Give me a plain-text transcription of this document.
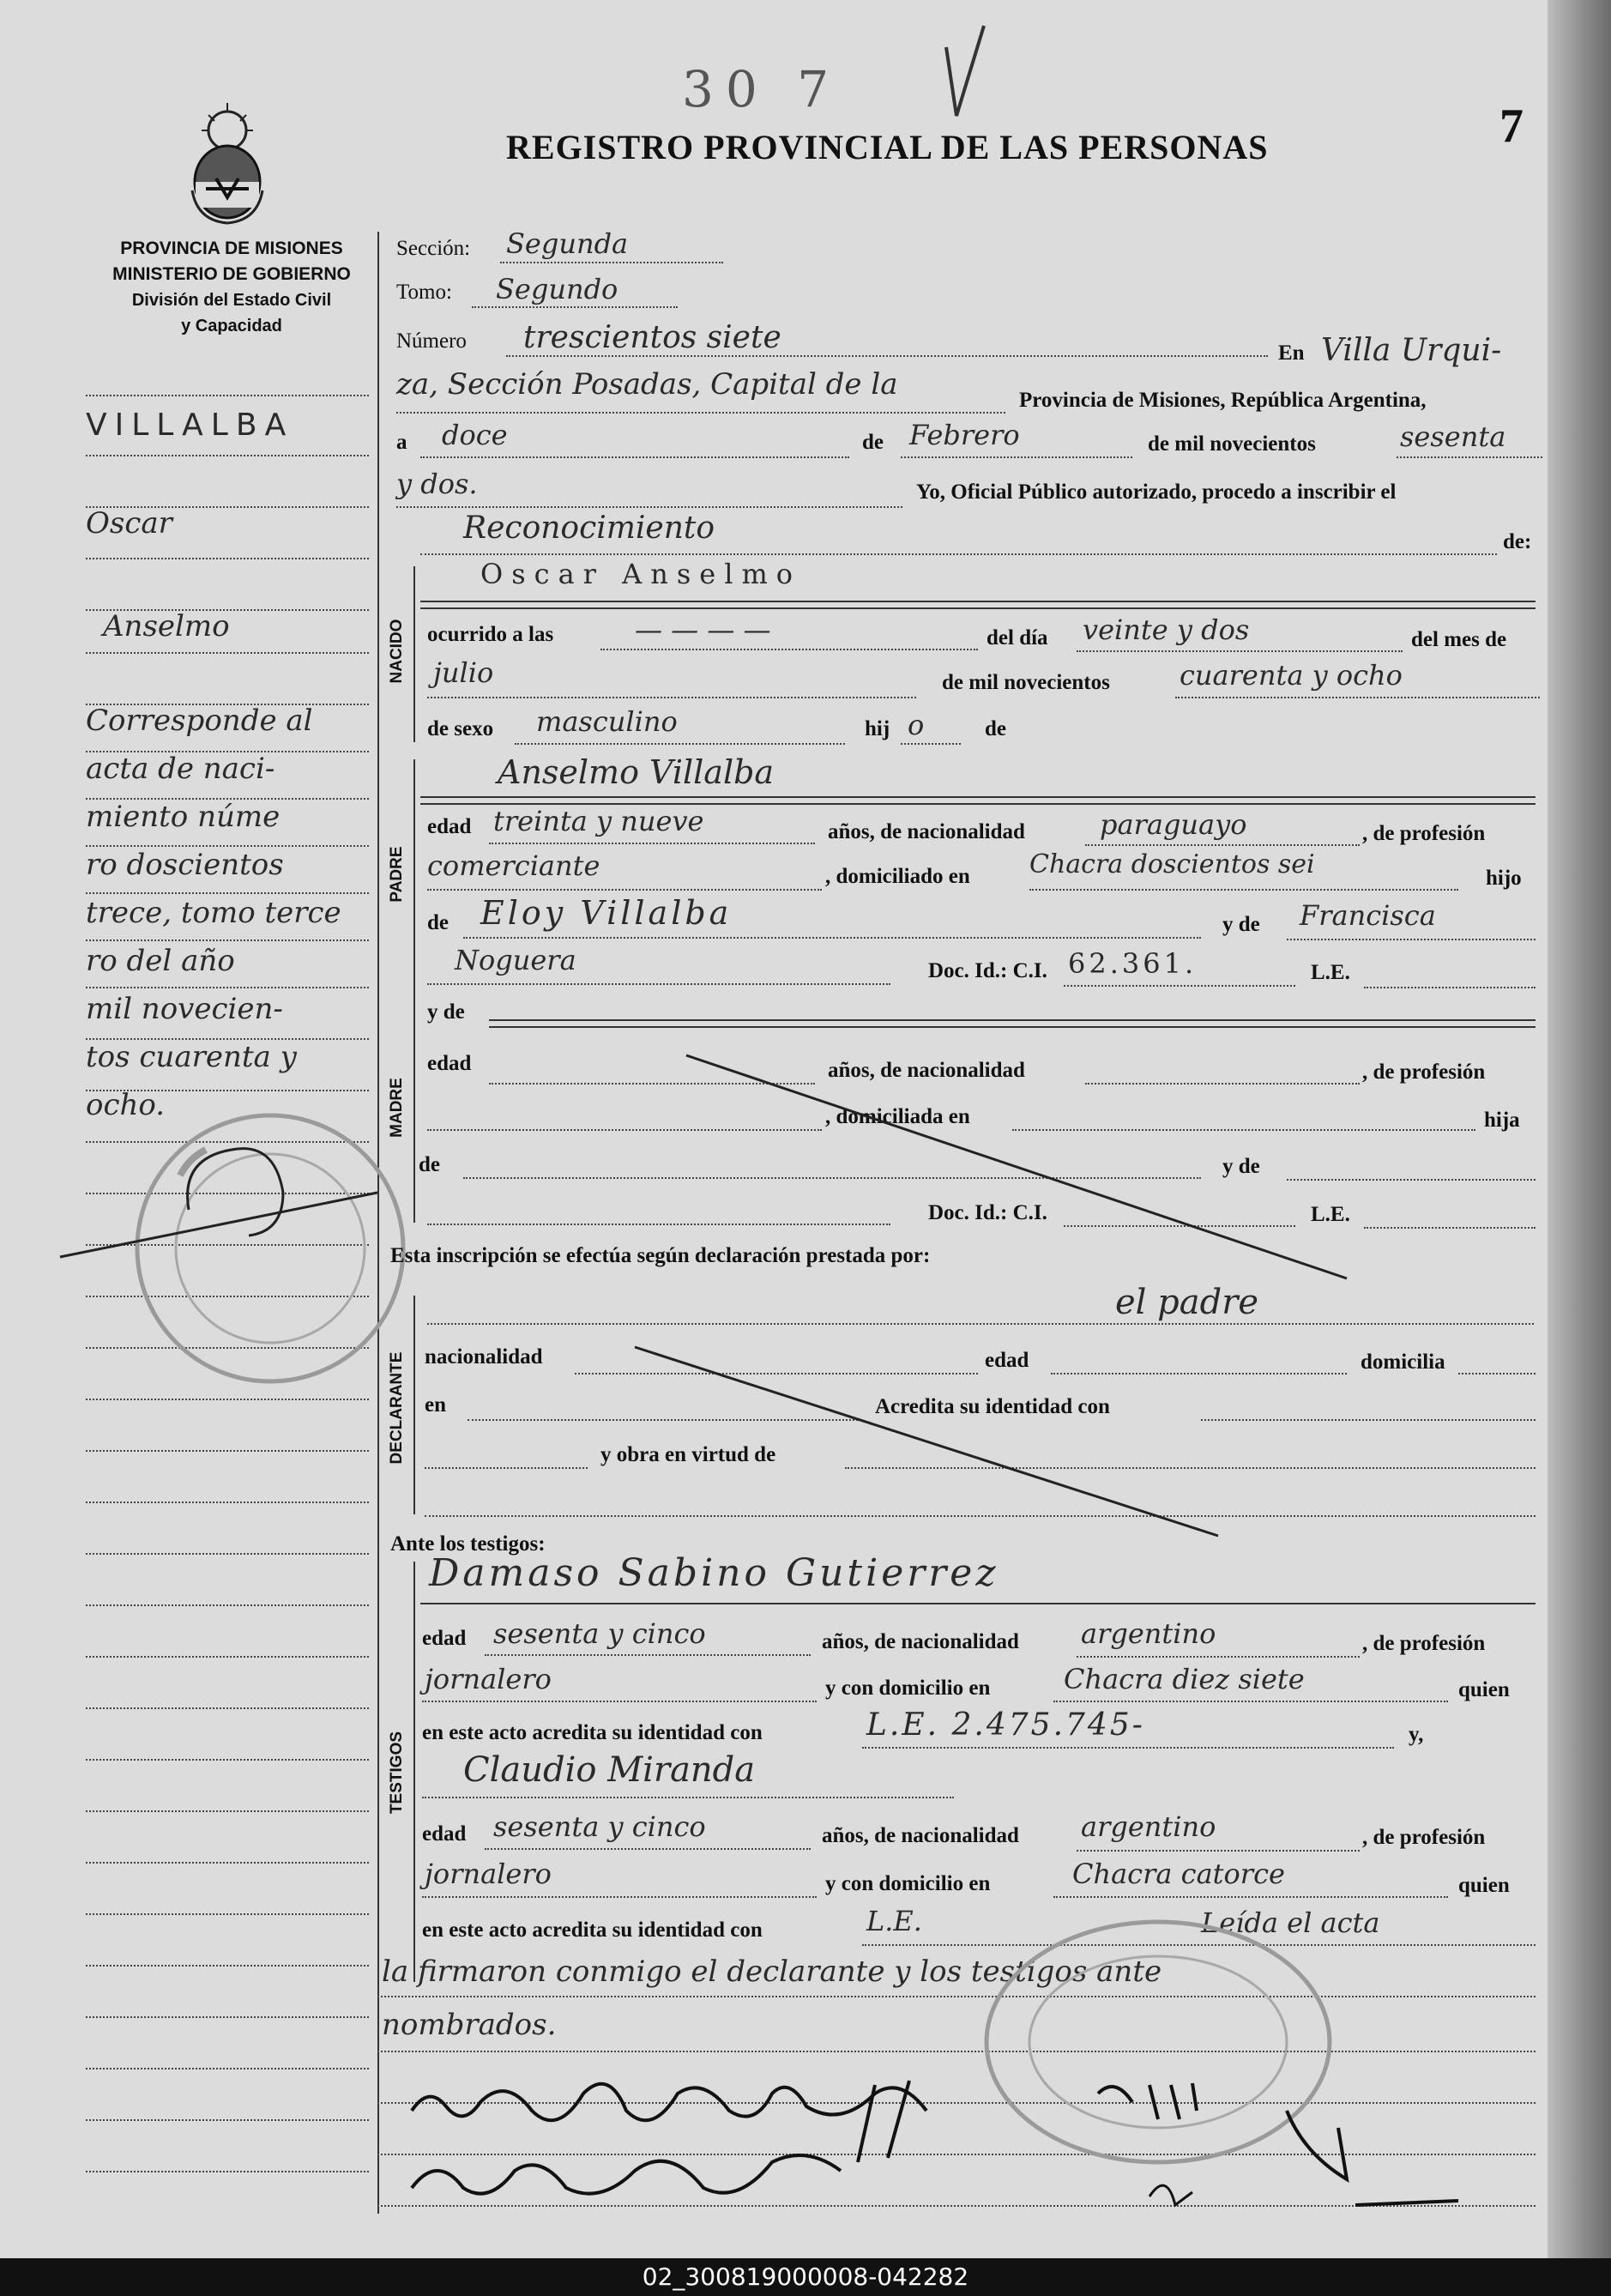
PROVINCIA DE MISIONES
MINISTERIO DE GOBIERNO
División del Estado Civil
y Capacidad
30 7
REGISTRO PROVINCIAL DE LAS PERSONAS	7
VILLALBA
Oscar
Anselmo
Corresponde al
acta de naci-
miento núme
ro doscientos
trece, tomo terce
ro del año
mil novecien-
tos cuarenta y
ocho.
Sección: Segunda
Tomo: Segundo
Número trescientos siete	En Villa Urqui-
za, Sección Posadas, Capital de la	Provincia de Misiones, República Argentina,
a doce	de Febrero	de mil novecientos	sesenta
y dos.	Yo, Oficial Público autorizado, procedo a inscribir el
Reconocimiento	de:
NACIDO
Oscar Anselmo
ocurrido a las	— — — —	del día veinte y dos	del mes de
julio	de mil novecientos	cuarenta y ocho
de sexo masculino	hij o	de
PADRE
Anselmo Villalba
edad treinta y nueve	años, de nacionalidad	paraguayo	, de profesión
comerciante	, domiciliado en Chacra doscientos sei	hijo
de Eloy Villalba	y de Francisca
Noguera	Doc. Id.: C.I. 62.361.	L.E.
MADRE
y de
edad	años, de nacionalidad	, de profesión
, domiciliada en	hija
de	y de
Doc. Id.: C.I.	L.E.
Esta inscripción se efectúa según declaración prestada por:
el padre
DECLARANTE nacionalidad	edad	domicilia
en	Acredita su identidad con
y obra en virtud de
Ante los testigos:
TESTIGOS
Damaso Sabino Gutierrez
edad sesenta y cinco	años, de nacionalidad argentino	, de profesión
jornalero	y con domicilio en	Chacra diez siete	quien
en este acto acredita su identidad con	L.E. 2.475.745-	y,
Claudio Miranda
edad sesenta y cinco	años, de nacionalidad argentino	, de profesión
jornalero	y con domicilio en	Chacra catorce	quien
en este acto acredita su identidad con	L.E.	Leída el acta
la firmaron conmigo el declarante y los testigos ante
nombrados.
02_300819000008-042282
